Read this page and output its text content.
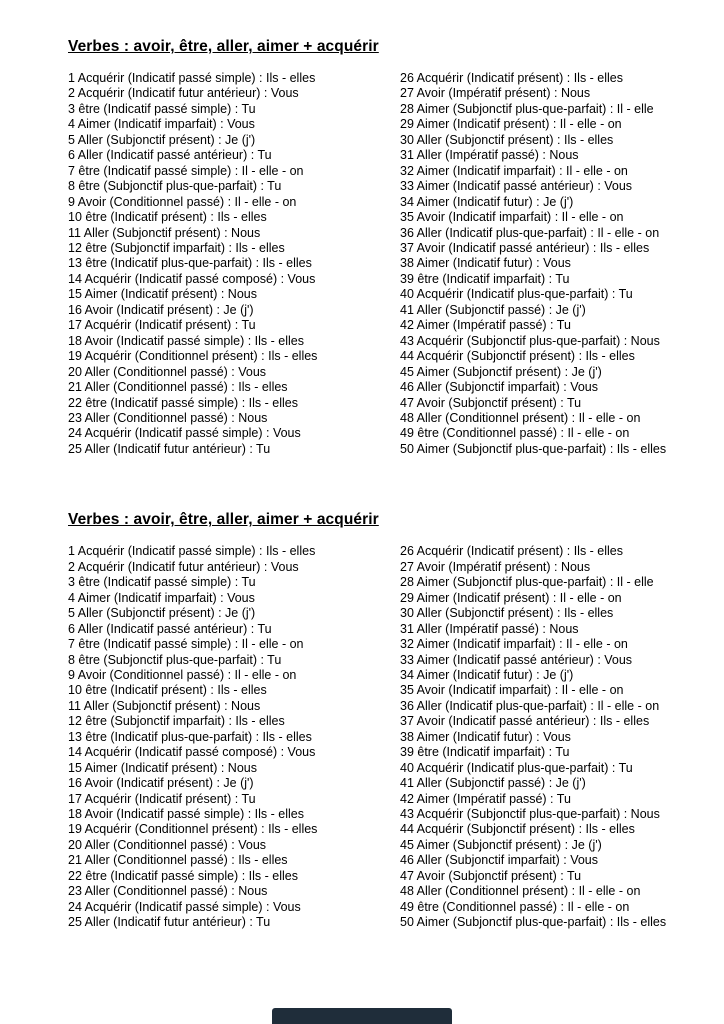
Verbes : avoir, être, aller, aimer + acquérir
1 Acquérir (Indicatif passé simple) : Ils - elles
2 Acquérir (Indicatif futur antérieur) : Vous
3 être (Indicatif passé simple) : Tu
4 Aimer (Indicatif imparfait) : Vous
5 Aller (Subjonctif présent) : Je (j')
6 Aller (Indicatif passé antérieur) : Tu
7 être (Indicatif passé simple) : Il - elle - on
8 être (Subjonctif plus-que-parfait) : Tu
9 Avoir (Conditionnel passé) : Il - elle - on
10 être (Indicatif présent) : Ils - elles
11 Aller (Subjonctif présent) : Nous
12 être (Subjonctif imparfait) : Ils - elles
13 être (Indicatif plus-que-parfait) : Ils - elles
14 Acquérir (Indicatif passé composé) : Vous
15 Aimer (Indicatif présent) : Nous
16 Avoir (Indicatif présent) : Je (j')
17 Acquérir (Indicatif présent) : Tu
18 Avoir (Indicatif passé simple) : Ils - elles
19 Acquérir (Conditionnel présent) : Ils - elles
20 Aller (Conditionnel passé) : Vous
21 Aller (Conditionnel passé) : Ils - elles
22 être (Indicatif passé simple) : Ils - elles
23 Aller (Conditionnel passé) : Nous
24 Acquérir (Indicatif passé simple) : Vous
25 Aller (Indicatif futur antérieur) : Tu
26 Acquérir (Indicatif présent) : Ils - elles
27 Avoir (Impératif présent) : Nous
28 Aimer (Subjonctif plus-que-parfait) : Il - elle
29 Aimer (Indicatif présent) : Il - elle - on
30 Aller (Subjonctif présent) : Ils - elles
31 Aller (Impératif passé) : Nous
32 Aimer (Indicatif imparfait) : Il - elle - on
33 Aimer (Indicatif passé antérieur) : Vous
34 Aimer (Indicatif futur) : Je (j')
35 Avoir (Indicatif imparfait) : Il - elle - on
36 Aller (Indicatif plus-que-parfait) : Il - elle - on
37 Avoir (Indicatif passé antérieur) : Ils - elles
38 Aimer (Indicatif futur) : Vous
39 être (Indicatif imparfait) : Tu
40 Acquérir (Indicatif plus-que-parfait) : Tu
41 Aller (Subjonctif passé) : Je (j')
42 Aimer (Impératif passé) : Tu
43 Acquérir (Subjonctif plus-que-parfait) : Nous
44 Acquérir (Subjonctif présent) : Ils - elles
45 Aimer (Subjonctif présent) : Je (j')
46 Aller (Subjonctif imparfait) : Vous
47 Avoir (Subjonctif présent) : Tu
48 Aller (Conditionnel présent) : Il - elle - on
49 être (Conditionnel passé) : Il - elle - on
50 Aimer (Subjonctif plus-que-parfait) : Ils - elles
Verbes : avoir, être, aller, aimer + acquérir
1 Acquérir (Indicatif passé simple) : Ils - elles
2 Acquérir (Indicatif futur antérieur) : Vous
3 être (Indicatif passé simple) : Tu
4 Aimer (Indicatif imparfait) : Vous
5 Aller (Subjonctif présent) : Je (j')
6 Aller (Indicatif passé antérieur) : Tu
7 être (Indicatif passé simple) : Il - elle - on
8 être (Subjonctif plus-que-parfait) : Tu
9 Avoir (Conditionnel passé) : Il - elle - on
10 être (Indicatif présent) : Ils - elles
11 Aller (Subjonctif présent) : Nous
12 être (Subjonctif imparfait) : Ils - elles
13 être (Indicatif plus-que-parfait) : Ils - elles
14 Acquérir (Indicatif passé composé) : Vous
15 Aimer (Indicatif présent) : Nous
16 Avoir (Indicatif présent) : Je (j')
17 Acquérir (Indicatif présent) : Tu
18 Avoir (Indicatif passé simple) : Ils - elles
19 Acquérir (Conditionnel présent) : Ils - elles
20 Aller (Conditionnel passé) : Vous
21 Aller (Conditionnel passé) : Ils - elles
22 être (Indicatif passé simple) : Ils - elles
23 Aller (Conditionnel passé) : Nous
24 Acquérir (Indicatif passé simple) : Vous
25 Aller (Indicatif futur antérieur) : Tu
26 Acquérir (Indicatif présent) : Ils - elles
27 Avoir (Impératif présent) : Nous
28 Aimer (Subjonctif plus-que-parfait) : Il - elle
29 Aimer (Indicatif présent) : Il - elle - on
30 Aller (Subjonctif présent) : Ils - elles
31 Aller (Impératif passé) : Nous
32 Aimer (Indicatif imparfait) : Il - elle - on
33 Aimer (Indicatif passé antérieur) : Vous
34 Aimer (Indicatif futur) : Je (j')
35 Avoir (Indicatif imparfait) : Il - elle - on
36 Aller (Indicatif plus-que-parfait) : Il - elle - on
37 Avoir (Indicatif passé antérieur) : Ils - elles
38 Aimer (Indicatif futur) : Vous
39 être (Indicatif imparfait) : Tu
40 Acquérir (Indicatif plus-que-parfait) : Tu
41 Aller (Subjonctif passé) : Je (j')
42 Aimer (Impératif passé) : Tu
43 Acquérir (Subjonctif plus-que-parfait) : Nous
44 Acquérir (Subjonctif présent) : Ils - elles
45 Aimer (Subjonctif présent) : Je (j')
46 Aller (Subjonctif imparfait) : Vous
47 Avoir (Subjonctif présent) : Tu
48 Aller (Conditionnel présent) : Il - elle - on
49 être (Conditionnel passé) : Il - elle - on
50 Aimer (Subjonctif plus-que-parfait) : Ils - elles
